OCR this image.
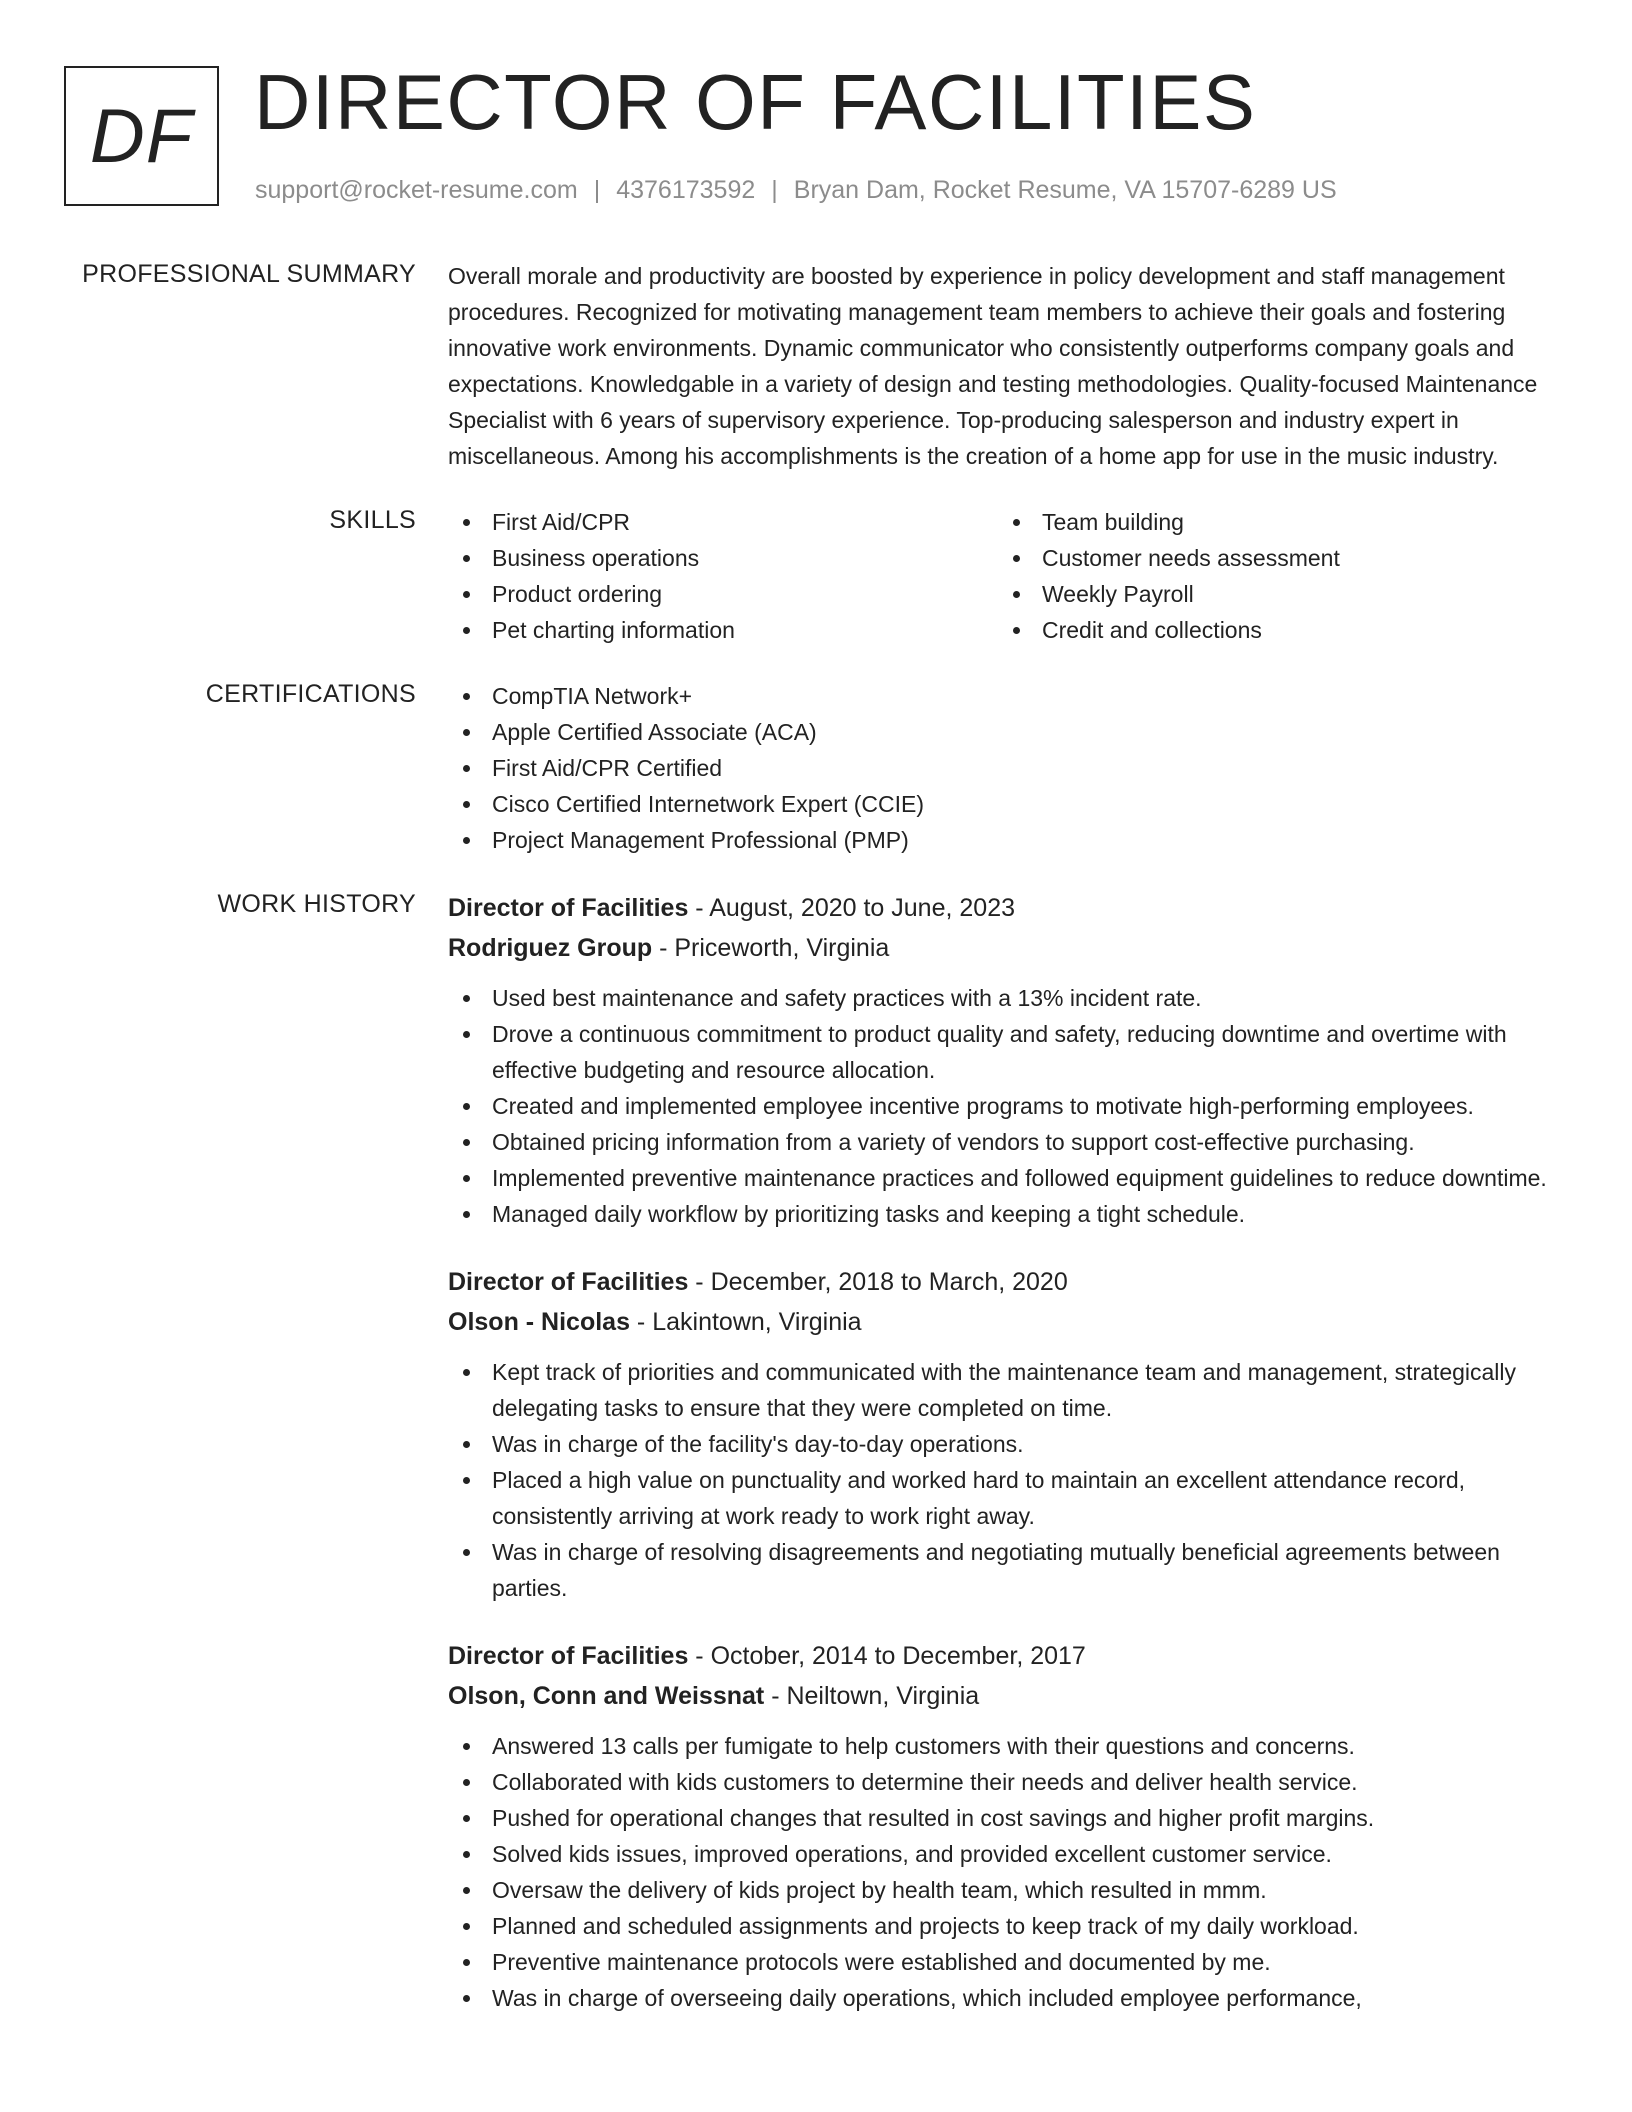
DF DIRECTOR OF FACILITIES
support@rocket-resume.com | 4376173592 | Bryan Dam, Rocket Resume, VA 15707-6289 US
PROFESSIONAL SUMMARY Overall morale and productivity are boosted by experience in policy development and staff management procedures. Recognized for motivating management team members to achieve their goals and fostering innovative work environments. Dynamic communicator who consistently outperforms company goals and expectations. Knowledgable in a variety of design and testing methodologies. Quality-focused Maintenance Specialist with 6 years of supervisory experience. Top-producing salesperson and industry expert in miscellaneous. Among his accomplishments is the creation of a home app for use in the music industry.

SKILLS	First Aid/CPR
Business operations
Product ordering
Pet charting information
Team building
Customer needs assessment
Weekly Payroll
Credit and collections
CERTIFICATIONS	CompTIA Network+
Apple Certified Associate (ACA)
First Aid/CPR Certified
Cisco Certified Internetwork Expert (CCIE)
Project Management Professional (PMP)
WORK HISTORY Director of Facilities - August, 2020 to June, 2023
Rodriguez Group - Priceworth, Virginia
Used best maintenance and safety practices with a 13% incident rate.
Drove a continuous commitment to product quality and safety, reducing downtime and overtime with effective budgeting and resource allocation.
Created and implemented employee incentive programs to motivate high-performing employees.
Obtained pricing information from a variety of vendors to support cost-effective purchasing.
Implemented preventive maintenance practices and followed equipment guidelines to reduce downtime.
Managed daily workflow by prioritizing tasks and keeping a tight schedule.
Director of Facilities - December, 2018 to March, 2020
Olson - Nicolas - Lakintown, Virginia
Kept track of priorities and communicated with the maintenance team and management, strategically delegating tasks to ensure that they were completed on time.
Was in charge of the facility's day-to-day operations.
Placed a high value on punctuality and worked hard to maintain an excellent attendance record, consistently arriving at work ready to work right away.
Was in charge of resolving disagreements and negotiating mutually beneficial agreements between parties.
Director of Facilities - October, 2014 to December, 2017
Olson, Conn and Weissnat - Neiltown, Virginia
Answered 13 calls per fumigate to help customers with their questions and concerns.
Collaborated with kids customers to determine their needs and deliver health service.
Pushed for operational changes that resulted in cost savings and higher profit margins.
Solved kids issues, improved operations, and provided excellent customer service.
Oversaw the delivery of kids project by health team, which resulted in mmm.
Planned and scheduled assignments and projects to keep track of my daily workload.
Preventive maintenance protocols were established and documented by me.
Was in charge of overseeing daily operations, which included employee performance,
